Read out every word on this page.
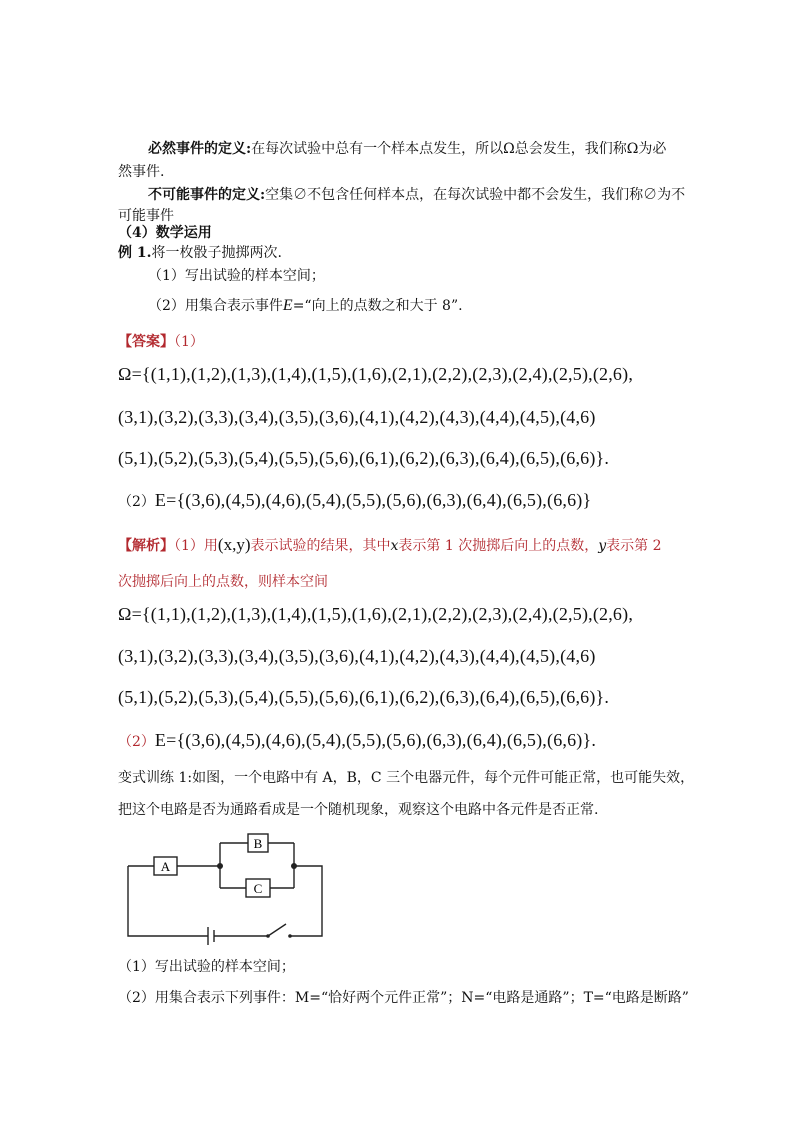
必然事件的定义:在每次试验中总有一个样本点发生，所以Ω总会发生，我们称Ω为必
然事件.
不可能事件的定义:空集∅不包含任何样本点，在每次试验中都不会发生，我们称∅为不
可能事件
（4）数学运用
例 1.将一枚骰子抛掷两次.
（1）写出试验的样本空间；
（2）用集合表示事件E=“向上的点数之和大于 8”.
【答案】（1）
Ω={(1,1),(1,2),(1,3),(1,4),(1,5),(1,6),(2,1),(2,2),(2,3),(2,4),(2,5),(2,6),
(3,1),(3,2),(3,3),(3,4),(3,5),(3,6),(4,1),(4,2),(4,3),(4,4),(4,5),(4,6)
(5,1),(5,2),(5,3),(5,4),(5,5),(5,6),(6,1),(6,2),(6,3),(6,4),(6,5),(6,6)}.
（2）E={(3,6),(4,5),(4,6),(5,4),(5,5),(5,6),(6,3),(6,4),(6,5),(6,6)}
【解析】（1）用(x,y)表示试验的结果，其中x表示第 1 次抛掷后向上的点数，y表示第 2
次抛掷后向上的点数，则样本空间
Ω={(1,1),(1,2),(1,3),(1,4),(1,5),(1,6),(2,1),(2,2),(2,3),(2,4),(2,5),(2,6),
(3,1),(3,2),(3,3),(3,4),(3,5),(3,6),(4,1),(4,2),(4,3),(4,4),(4,5),(4,6)
(5,1),(5,2),(5,3),(5,4),(5,5),(5,6),(6,1),(6,2),(6,3),(6,4),(6,5),(6,6)}.
（2）E={(3,6),(4,5),(4,6),(5,4),(5,5),(5,6),(6,3),(6,4),(6,5),(6,6)}.
变式训练 1:如图，一个电路中有 A，B，C 三个电器元件，每个元件可能正常，也可能失效，
把这个电路是否为通路看成是一个随机现象，观察这个电路中各元件是否正常.
A
B
C
（1）写出试验的样本空间；
（2）用集合表示下列事件：M=“恰好两个元件正常”；N=“电路是通路”；T=“电路是断路”
